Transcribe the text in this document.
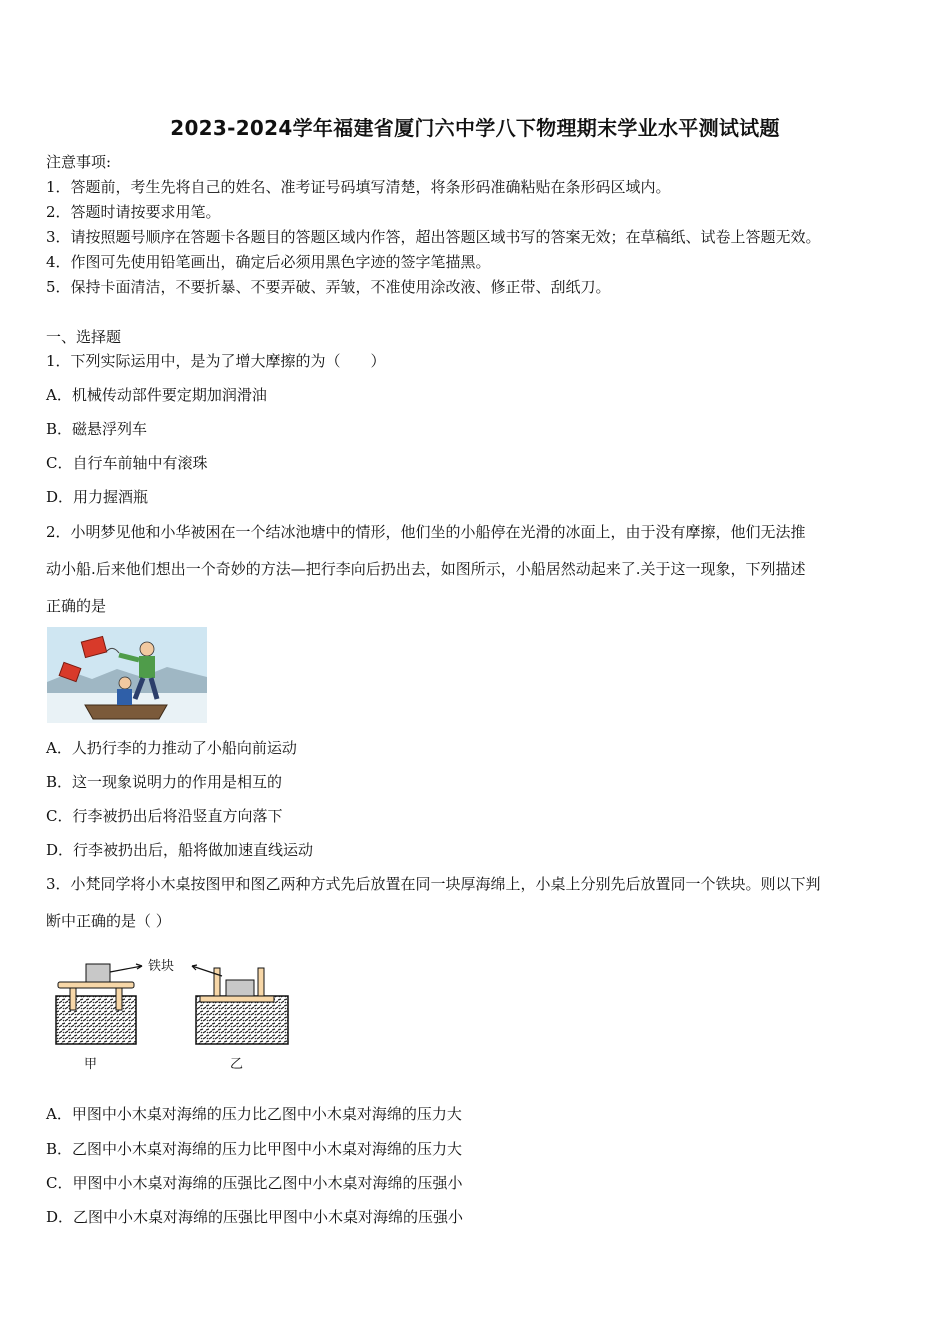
2023-2024学年福建省厦门六中学八下物理期末学业水平测试试题
注意事项:
1．答题前，考生先将自己的姓名、准考证号码填写清楚，将条形码准确粘贴在条形码区域内。
2．答题时请按要求用笔。
3．请按照题号顺序在答题卡各题目的答题区域内作答，超出答题区域书写的答案无效；在草稿纸、试卷上答题无效。
4．作图可先使用铅笔画出，确定后必须用黑色字迹的签字笔描黑。
5．保持卡面清洁，不要折暴、不要弄破、弄皱，不准使用涂改液、修正带、刮纸刀。
一、选择题
1．下列实际运用中，是为了增大摩擦的为（　　）
A．机械传动部件要定期加润滑油
B．磁悬浮列车
C．自行车前轴中有滚珠
D．用力握酒瓶
2．小明梦见他和小华被困在一个结冰池塘中的情形，他们坐的小船停在光滑的冰面上，由于没有摩擦，他们无法推
动小船.后来他们想出一个奇妙的方法—把行李向后扔出去，如图所示，小船居然动起来了.关于这一现象，下列描述
正确的是
A．人扔行李的力推动了小船向前运动
B．这一现象说明力的作用是相互的
C．行李被扔出后将沿竖直方向落下
D．行李被扔出后，船将做加速直线运动
3．小梵同学将小木桌按图甲和图乙两种方式先后放置在同一块厚海绵上，小桌上分别先后放置同一个铁块。则以下判
断中正确的是（ ）
铁块
甲	乙
A．甲图中小木桌对海绵的压力比乙图中小木桌对海绵的压力大
B．乙图中小木桌对海绵的压力比甲图中小木桌对海绵的压力大
C．甲图中小木桌对海绵的压强比乙图中小木桌对海绵的压强小
D．乙图中小木桌对海绵的压强比甲图中小木桌对海绵的压强小
